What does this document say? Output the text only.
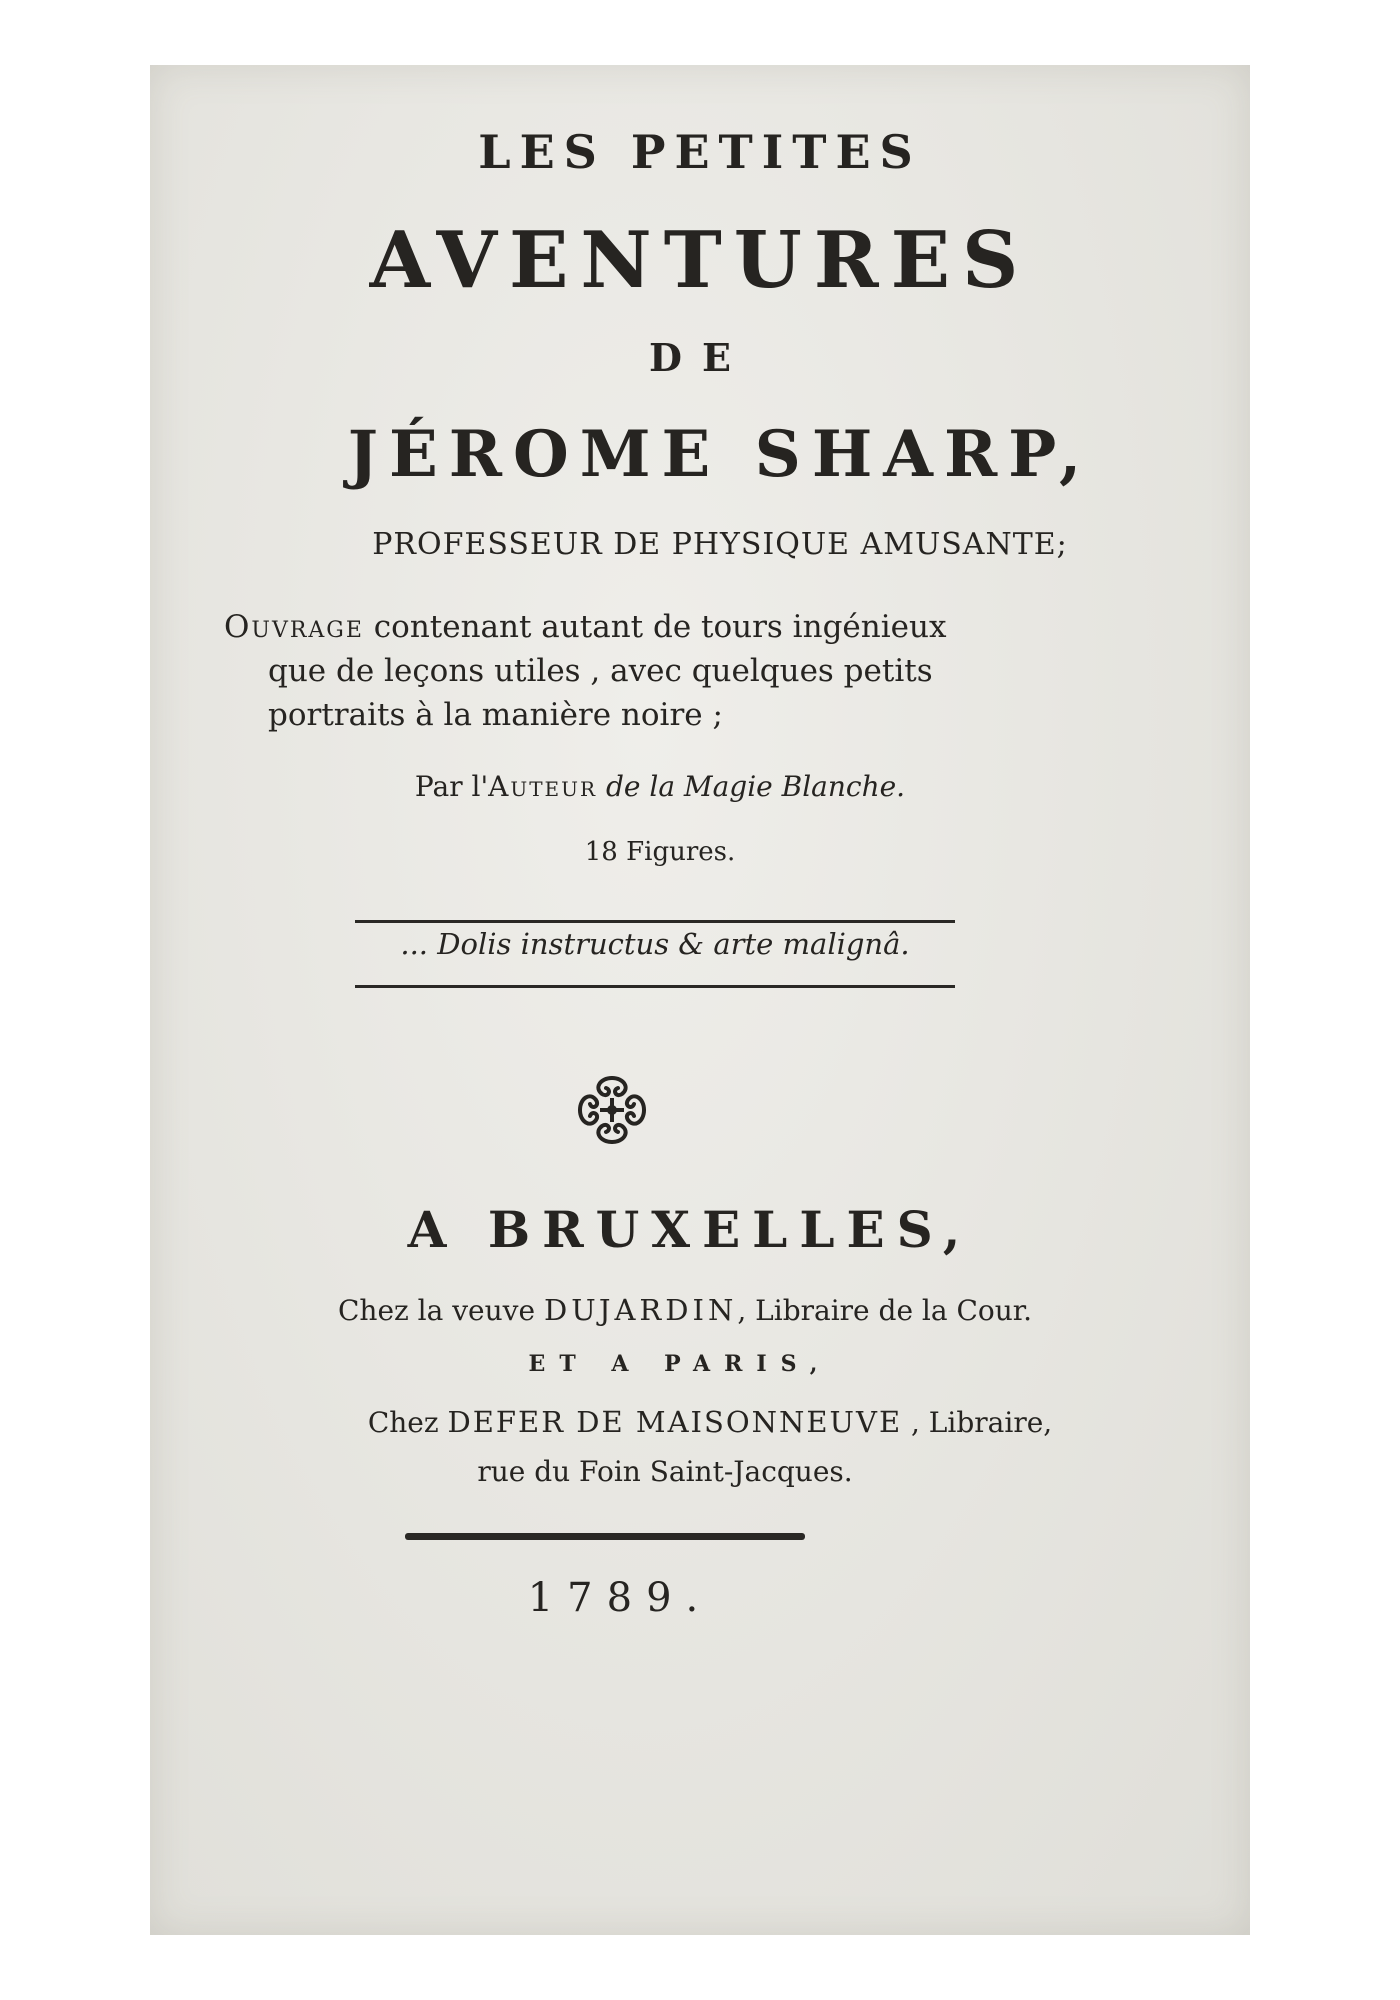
LES PETITES
AVENTURES
DE
JÉROME SHARP,
PROFESSEUR DE PHYSIQUE AMUSANTE;
Ouvrage contenant autant de tours ingénieux
que de leçons utiles , avec quelques petits
portraits à la manière noire ;
Par l'Auteur de la Magie Blanche.
18 Figures.
... Dolis instructus & arte malignâ.
A BRUXELLES,
Chez la veuve DUJARDIN, Libraire de la Cour.
ET A PARIS,
Chez DEFER DE MAISONNEUVE , Libraire,
rue du Foin Saint-Jacques.
1789.
